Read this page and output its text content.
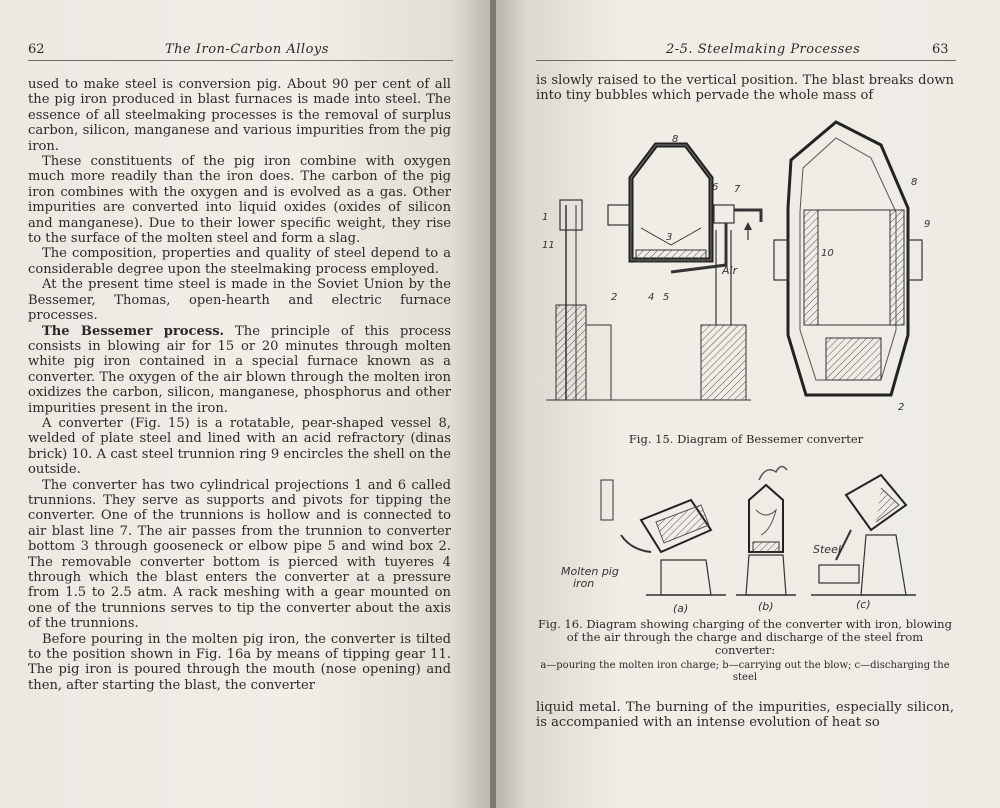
62	The Iron-Carbon Alloys

used to make steel is conversion pig. About 90 per cent of all the pig iron produced in blast furnaces is made into steel. The essence of all steelmaking processes is the removal of surplus carbon, silicon, manganese and various impurities from the pig iron.

These constituents of the pig iron combine with oxygen much more readily than the iron does. The carbon of the pig iron combines with the oxygen and is evolved as a gas. Other impurities are converted into liquid oxides (oxides of silicon and manganese). Due to their lower specific weight, they rise to the surface of the molten steel and form a slag.

The composition, properties and quality of steel depend to a considerable degree upon the steelmaking process employed.

At the present time steel is made in the Soviet Union by the Bessemer, Thomas, open-hearth and electric furnace processes.

The Bessemer process. The principle of this process consists in blowing air for 15 or 20 minutes through molten white pig iron contained in a special furnace known as a converter. The oxygen of the air blown through the molten iron oxidizes the carbon, silicon, manganese, phosphorus and other impurities present in the iron.

A converter (Fig. 15) is a rotatable, pear-shaped vessel 8, welded of plate steel and lined with an acid refractory (dinas brick) 10. A cast steel trunnion ring 9 encircles the shell on the outside.

The converter has two cylindrical projections 1 and 6 called trunnions. They serve as supports and pivots for tipping the converter. One of the trunnions is hollow and is connected to air blast line 7. The air passes from the trunnion to converter bottom 3 through gooseneck or elbow pipe 5 and wind box 2. The removable converter bottom is pierced with tuyeres 4 through which the blast enters the converter at a pressure from 1.5 to 2.5 atm. A rack meshing with a gear mounted on one of the trunnions serves to tip the converter about the axis of the trunnions.

Before pouring in the molten pig iron, the converter is tilted to the position shown in Fig. 16a by means of tipping gear 11. The pig iron is poured through the mouth (nose opening) and then, after starting the blast, the converter

2-5. Steelmaking Processes	63

is slowly raised to the vertical position. The blast breaks down into tiny bubbles which pervade the whole mass of

8
6 7
1
11
3
2	4 5
Air
8
9
10
2
Fig. 15. Diagram of Bessemer converter
Molten pig
iron
Steel
(a)	(b)	(c)
Fig. 16. Diagram showing charging of the converter with iron, blowing of the air through the charge and discharge of the steel from converter:
a—pouring the molten iron charge; b—carrying out the blow; c—discharging the steel

liquid metal. The burning of the impurities, especially silicon, is accompanied with an intense evolution of heat so
